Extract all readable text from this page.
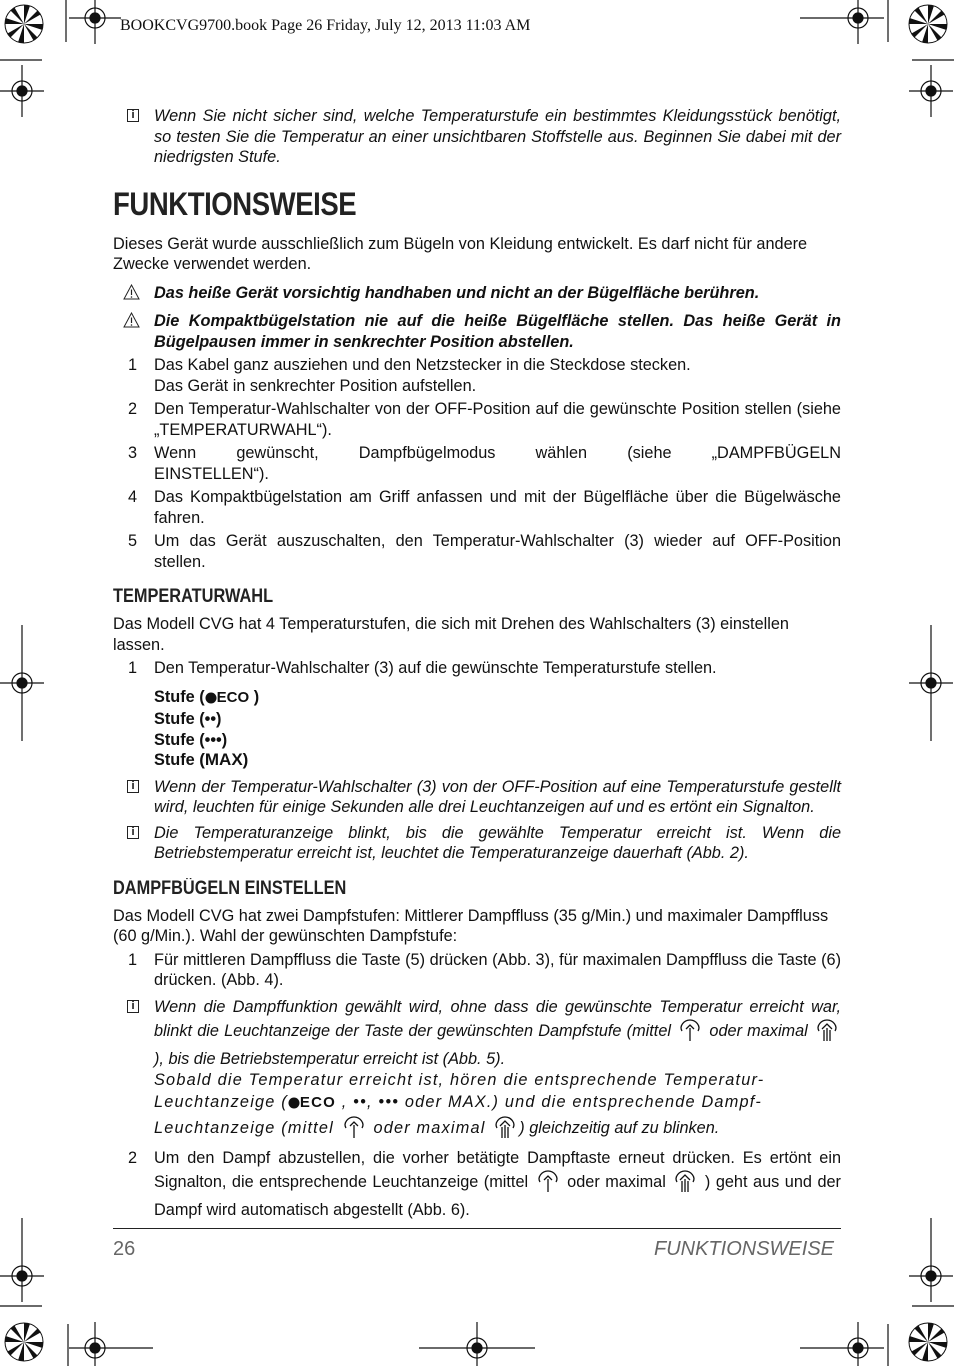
BOOKCVG9700.book Page 26 Friday, July 12, 2013 11:03 AM
i Wenn Sie nicht sicher sind, welche Temperaturstufe ein bestimmtes Kleidungsstück benötigt, so testen Sie die Temperatur an einer unsichtbaren Stoffstelle aus. Beginnen Sie dabei mit der niedrigsten Stufe.
FUNKTIONSWEISE

Dieses Gerät wurde ausschließlich zum Bügeln von Kleidung entwickelt. Es darf nicht für andere Zwecke verwendet werden.

Das heiße Gerät vorsichtig handhaben und nicht an der Bügelfläche berühren.
Die Kompaktbügelstation nie auf die heiße Bügelfläche stellen. Das heiße Gerät in Bügelpausen immer in senkrechter Position abstellen.
1 Das Kabel ganz ausziehen und den Netzstecker in die Steckdose stecken.
Das Gerät in senkrechter Position aufstellen.
2 Den Temperatur-Wahlschalter von der OFF-Position auf die gewünschte Position stellen (siehe „TEMPERATURWAHL“).
3 Wenn gewünscht, Dampfbügelmodus wählen (siehe „DAMPFBÜGELN EINSTELLEN“).
4 Das Kompaktbügelstation am Griff anfassen und mit der Bügelfläche über die Bügelwäsche fahren.
5 Um das Gerät auszuschalten, den Temperatur-Wahlschalter (3) wieder auf OFF-Position stellen.
TEMPERATURWAHL

Das Modell CVG hat 4 Temperaturstufen, die sich mit Drehen des Wahlschalters (3) einstellen lassen.

1 Den Temperatur-Wahlschalter (3) auf die gewünschte Temperaturstufe stellen.
Stufe ( ECO )
Stufe (••)
Stufe (•••)
Stufe (MAX)
i Wenn der Temperatur-Wahlschalter (3) von der OFF-Position auf eine Temperaturstufe gestellt wird, leuchten für einige Sekunden alle drei Leuchtanzeigen auf und es ertönt ein Signalton.
i Die Temperaturanzeige blinkt, bis die gewählte Temperatur erreicht ist. Wenn die Betriebstemperatur erreicht ist, leuchtet die Temperaturanzeige dauerhaft (Abb. 2).
DAMPFBÜGELN EINSTELLEN

Das Modell CVG hat zwei Dampfstufen: Mittlerer Dampffluss (35 g/Min.) und maximaler Dampffluss (60 g/Min.). Wahl der gewünschten Dampfstufe:

1 Für mittleren Dampffluss die Taste (5) drücken (Abb. 3), für maximalen Dampffluss die Taste (6) drücken. (Abb. 4).
i Wenn die Dampffunktion gewählt wird, ohne dass die gewünschte Temperatur erreicht war, blinkt die Leuchtanzeige der Taste der gewünschten Dampfstufe (mittel oder maximal  ), bis die Betriebstemperatur erreicht ist (Abb. 5).
Sobald die Temperatur erreicht ist, hören die entsprechende Temperatur-Leuchtanzeige ( ECO , ••, ••• oder MAX.) und die entsprechende Dampf-Leuchtanzeige (mittel oder maximal ) gleichzeitig auf zu blinken.
2 Um den Dampf abzustellen, die vorher betätigte Dampftaste erneut drücken. Es ertönt ein Signalton, die entsprechende Leuchtanzeige (mittel oder maximal ) geht aus und der Dampf wird automatisch abgestellt (Abb. 6).
26	FUNKTIONSWEISE
